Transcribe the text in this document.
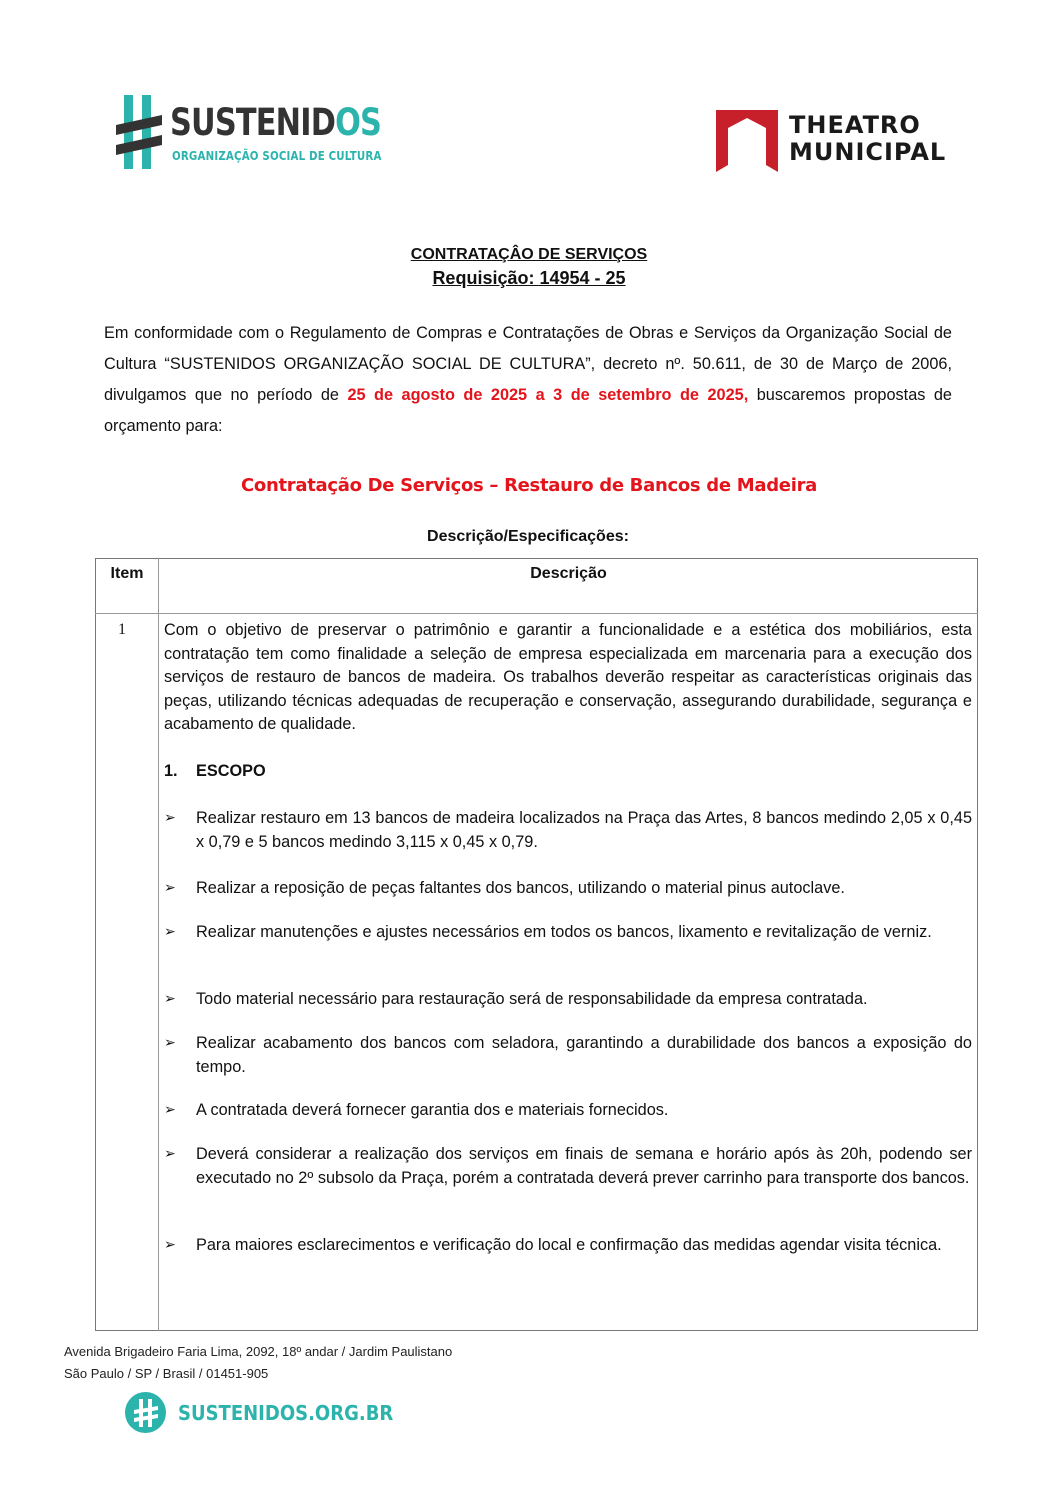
SUSTENIDOS
ORGANIZAÇÃO SOCIAL DE CULTURA
THEATRO
MUNICIPAL
CONTRATAÇÂO DE SERVIÇOS
Requisição: 14954 - 25
Em conformidade com o Regulamento de Compras e Contratações de Obras e Serviços da Organização Social de Cultura “SUSTENIDOS ORGANIZAÇÃO SOCIAL DE CULTURA”, decreto nº. 50.611, de 30 de Março de 2006, divulgamos que no período de 25 de agosto de 2025 a 3 de setembro de 2025, buscaremos propostas de orçamento para:
Contratação De Serviços – Restauro de Bancos de Madeira
Descrição/Especificações:
Item	Descrição
1	Com o objetivo de preservar o patrimônio e garantir a funcionalidade e a estética dos mobiliários, esta contratação tem como finalidade a seleção de empresa especializada em marcenaria para a execução dos serviços de restauro de bancos de madeira. Os trabalhos deverão respeitar as características originais das peças, utilizando técnicas adequadas de recuperação e conservação, assegurando durabilidade, segurança e acabamento de qualidade.
1. ESCOPO
➢	Realizar restauro em 13 bancos de madeira localizados na Praça das Artes, 8 bancos medindo 2,05 x 0,45 x 0,79 e 5 bancos medindo 3,115 x 0,45 x 0,79.
➢	Realizar a reposição de peças faltantes dos bancos, utilizando o material pinus autoclave.
➢	Realizar manutenções e ajustes necessários em todos os bancos, lixamento e revitalização de verniz.
➢	Todo material necessário para restauração será de responsabilidade da empresa contratada.
➢	Realizar acabamento dos bancos com seladora, garantindo a durabilidade dos bancos a exposição do tempo.
➢	A contratada deverá fornecer garantia dos e materiais fornecidos.
➢	Deverá considerar a realização dos serviços em finais de semana e horário após às 20h, podendo ser executado no 2º subsolo da Praça, porém a contratada deverá prever carrinho para transporte dos bancos.
➢	Para maiores esclarecimentos e verificação do local e confirmação das medidas agendar visita técnica.
Avenida Brigadeiro Faria Lima, 2092, 18º andar / Jardim Paulistano
São Paulo / SP / Brasil / 01451-905
SUSTENIDOS.ORG.BR
